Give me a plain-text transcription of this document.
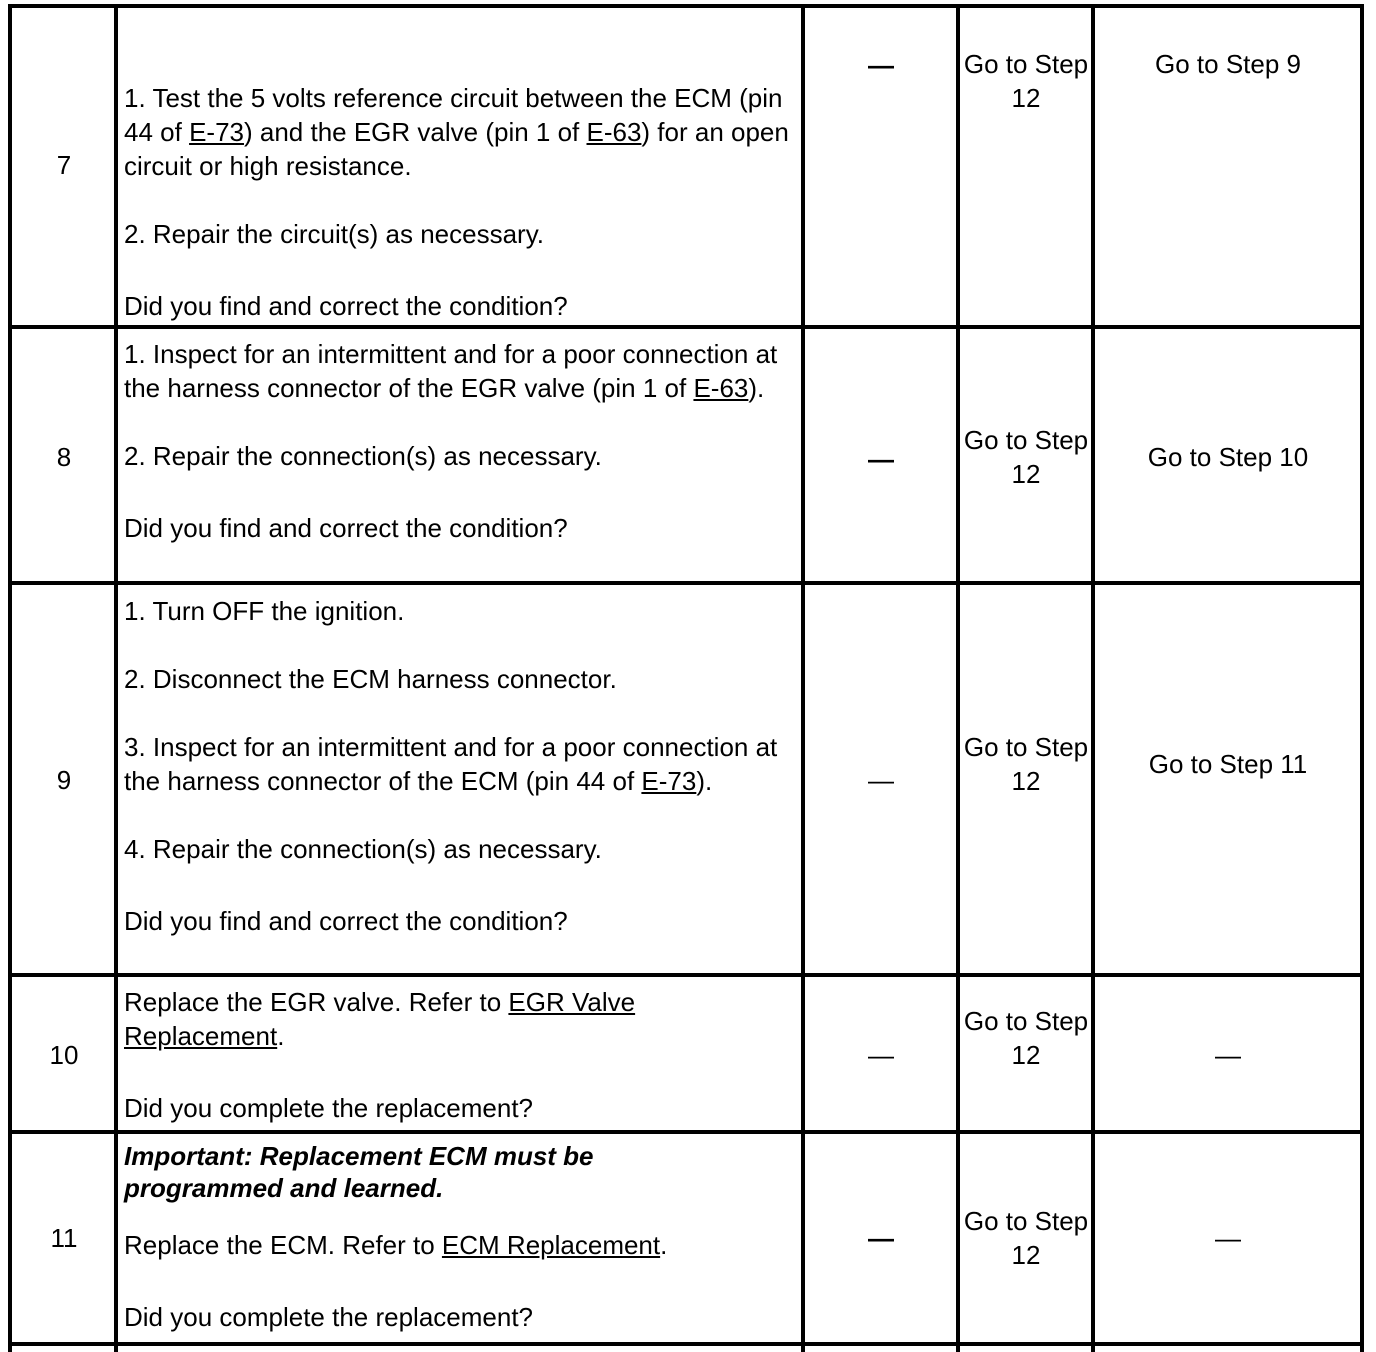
7
1. Test the 5 volts reference circuit between the ECM (pin 44 of E-73) and the EGR valve (pin 1 of E-63) for an open circuit or high resistance.
2. Repair the circuit(s) as necessary.
Did you find and correct the condition?
—	Go to Step 12
Go to Step 9
8
1. Inspect for an intermittent and for a poor connection at the harness connector of the EGR valve (pin 1 of E-63).
2. Repair the connection(s) as necessary.
Did you find and correct the condition?
—
Go to Step 12
Go to Step 10
9
1. Turn OFF the ignition.
2. Disconnect the ECM harness connector.
3. Inspect for an intermittent and for a poor connection at the harness connector of the ECM (pin 44 of E-73).
4. Repair the connection(s) as necessary.
Did you find and correct the condition?
—
Go to Step 12
Go to Step 11
10
Replace the EGR valve. Refer to EGR Valve Replacement.
Did you complete the replacement?
—
Go to Step 12	—
11
Important: Replacement ECM must be programmed and learned.
Replace the ECM. Refer to ECM Replacement.
Did you complete the replacement?
—
Go to Step 12
—
